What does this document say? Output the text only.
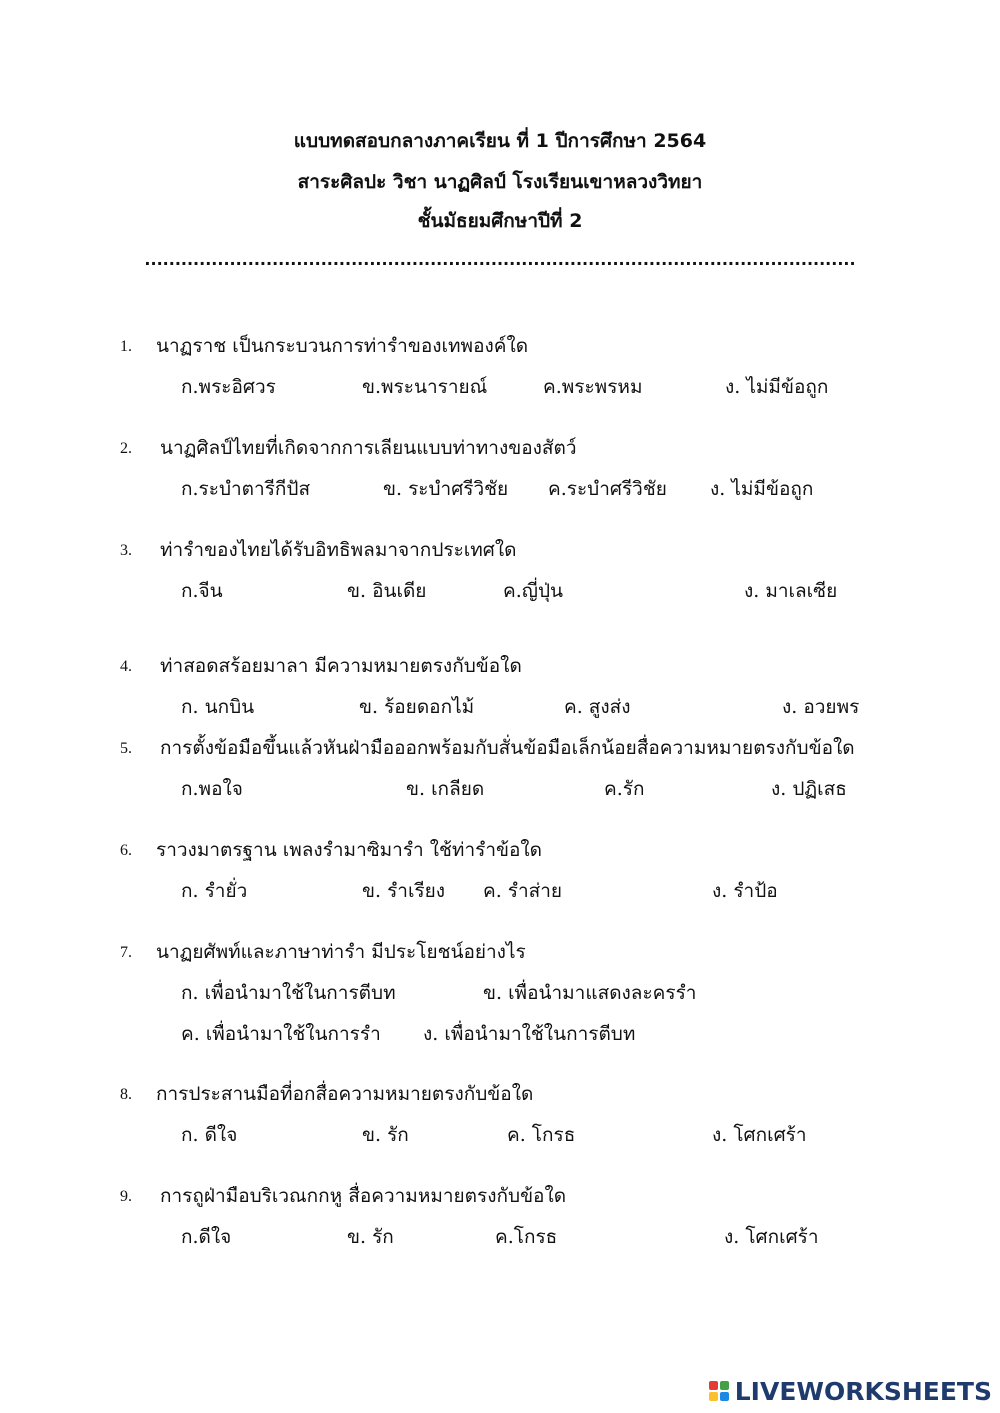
แบบทดสอบกลางภาคเรียน ที่ 1 ปีการศึกษา 2564
สาระศิลปะ วิชา นาฏศิลป์ โรงเรียนเขาหลวงวิทยา
ชั้นมัธยมศึกษาปีที่ 2
.....................................................................................................................
1. นาฏราช เป็นกระบวนการท่ารำของเทพองค์ใด
ก.พระอิศวร	ข.พระนารายณ์	ค.พระพรหม	ง. ไม่มีข้อถูก
2. นาฏศิลป์ไทยที่เกิดจากการเลียนแบบท่าทางของสัตว์
ก.ระบำตารีกีปัส	ข. ระบำศรีวิชัย ค.ระบำศรีวิชัย ง. ไม่มีข้อถูก
3. ท่ารำของไทยได้รับอิทธิพลมาจากประเทศใด
ก.จีน	ข. อินเดีย	ค.ญี่ปุ่น	ง. มาเลเซีย
4. ท่าสอดสร้อยมาลา มีความหมายตรงกับข้อใด
ก. นกบิน	ข. ร้อยดอกไม้	ค. สูงส่ง	ง. อวยพร
5. การตั้งข้อมือขึ้นแล้วหันฝ่ามือออกพร้อมกับสั่นข้อมือเล็กน้อยสื่อความหมายตรงกับข้อใด
ก.พอใจ	ข. เกลียด	ค.รัก	ง. ปฏิเสธ
6. ราวงมาตรฐาน เพลงรำมาซิมารำ ใช้ท่ารำข้อใด
ก. รำยั่ว	ข. รำเรียง ค. รำส่าย	ง. รำป้อ
7. นาฏยศัพท์และภาษาท่ารำ มีประโยชน์อย่างไร
ก. เพื่อนำมาใช้ในการตีบท	ข. เพื่อนำมาแสดงละครรำ
ค. เพื่อนำมาใช้ในการรำ ง. เพื่อนำมาใช้ในการตีบท
8. การประสานมือที่อกสื่อความหมายตรงกับข้อใด
ก. ดีใจ	ข. รัก	ค. โกรธ	ง. โศกเศร้า
9. การถูฝ่ามือบริเวณกกหู สื่อความหมายตรงกับข้อใด
ก.ดีใจ	ข. รัก	ค.โกรธ	ง. โศกเศร้า
LIVEWORKSHEETS
